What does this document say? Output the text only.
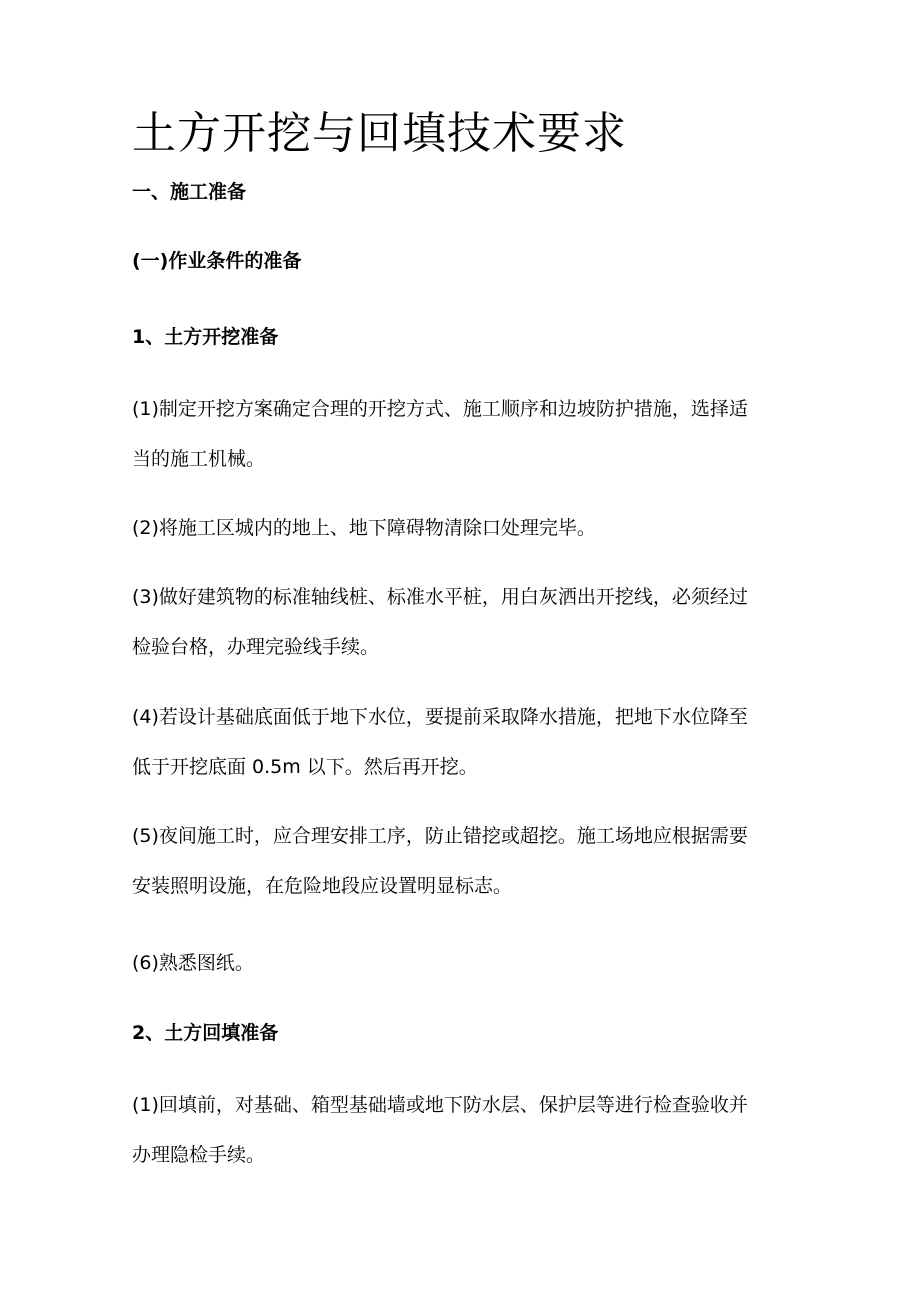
土方开挖与回填技术要求
一、施工准备
(一)作业条件的准备
1、土方开挖准备

(1)制定开挖方案确定合理的开挖方式、施工顺序和边坡防护措施，选择适
当的施工机械。

(2)将施工区城内的地上、地下障碍物清除口处理完毕。

(3)做好建筑物的标准轴线桩、标准水平桩，用白灰洒出开挖线，必须经过
检验台格，办理完验线手续。

(4)若设计基础底面低于地下水位，要提前采取降水措施，把地下水位降至
低于开挖底面 0.5m 以下。然后再开挖。

(5)夜间施工时，应合理安排工序，防止错挖或超挖。施工场地应根据需要
安装照明设施，在危险地段应设置明显标志。

(6)熟悉图纸。

2、土方回填准备

(1)回填前，对基础、箱型基础墙或地下防水层、保护层等进行检查验收并
办理隐检手续。
